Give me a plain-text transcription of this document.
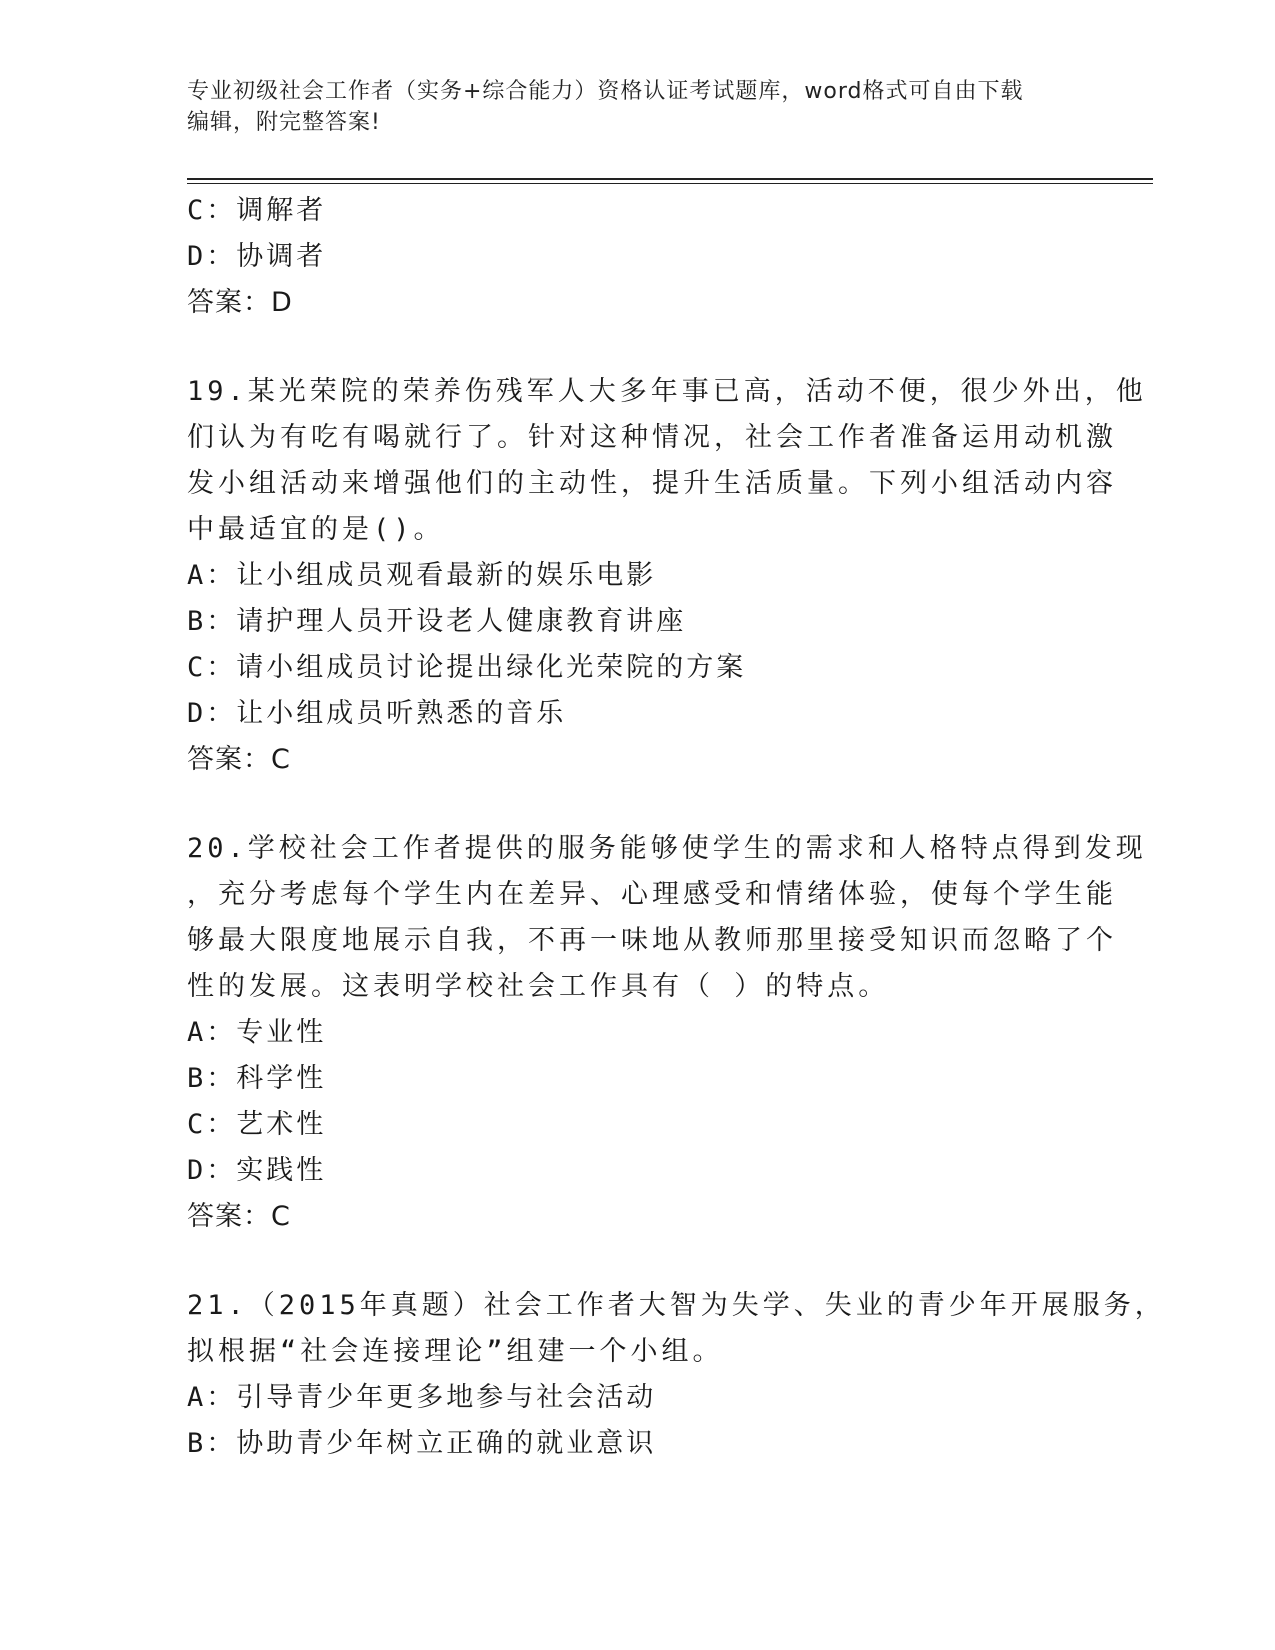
专业初级社会工作者（实务+综合能力）资格认证考试题库，word格式可自由下载
编辑，附完整答案!
C：调解者
D：协调者
答案：D
19.某光荣院的荣养伤残军人大多年事已高，活动不便，很少外出，他
们认为有吃有喝就行了。针对这种情况，社会工作者准备运用动机激
发小组活动来增强他们的主动性，提升生活质量。下列小组活动内容
中最适宜的是()。
A：让小组成员观看最新的娱乐电影
B：请护理人员开设老人健康教育讲座
C：请小组成员讨论提出绿化光荣院的方案
D：让小组成员听熟悉的音乐
答案：C
20.学校社会工作者提供的服务能够使学生的需求和人格特点得到发现
，充分考虑每个学生内在差异、心理感受和情绪体验，使每个学生能
够最大限度地展示自我，不再一味地从教师那里接受知识而忽略了个
性的发展。这表明学校社会工作具有（ ）的特点。
A：专业性
B：科学性
C：艺术性
D：实践性
答案：C
21.（2015年真题）社会工作者大智为失学、失业的青少年开展服务，
拟根据“社会连接理论”组建一个小组。
A：引导青少年更多地参与社会活动
B：协助青少年树立正确的就业意识
